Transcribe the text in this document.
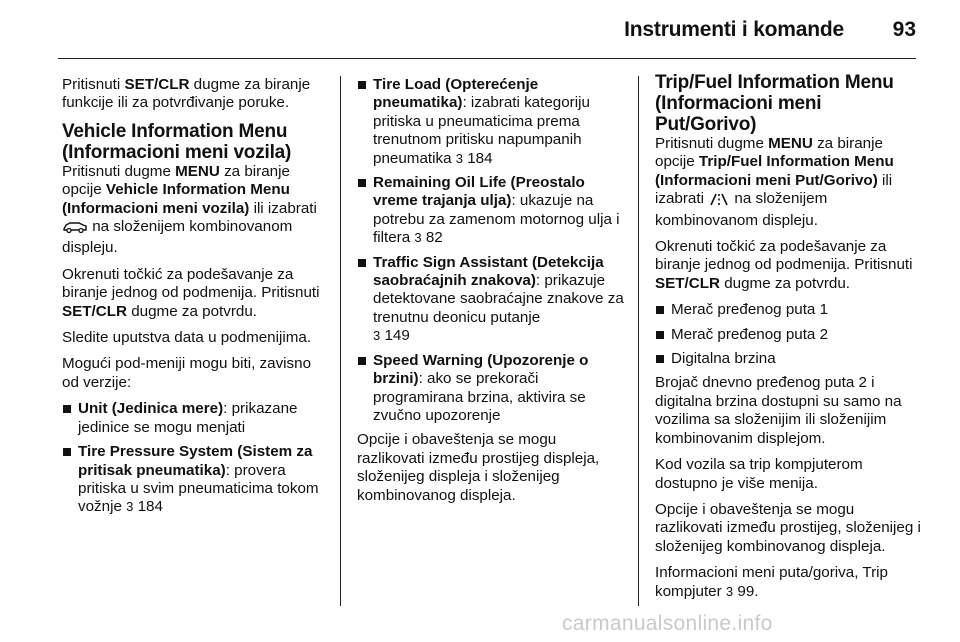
Instrumenti i komande 93

Pritisnuti SET/CLR dugme za biranje funkcije ili za potvrđivanje poruke.

Vehicle Information Menu
(Informacioni meni vozila)

Pritisnuti dugme MENU za biranje opcije Vehicle Information Menu (Informacioni meni vozila) ili izabrati  na složenijem kombinovanom displeju.

Okrenuti točkić za podešavanje za biranje jednog od podmenija. Pritisnuti SET/CLR dugme za potvrdu.

Sledite uputstva data u podmenijima.

Mogući pod-meniji mogu biti, zavisno od verzije:

Unit (Jedinica mere): prikazane jedinice se mogu menjati
Tire Pressure System (Sistem za pritisak pneumatika): provera pritiska u svim pneumaticima tokom vožnje 3 184
Tire Load (Opterećenje pneumatika): izabrati kategoriju pritiska u pneumaticima prema trenutnom pritisku napumpanih pneumatika 3 184
Remaining Oil Life (Preostalo vreme trajanja ulja): ukazuje na potrebu za zamenom motornog ulja i filtera 3 82
Traffic Sign Assistant (Detekcija saobraćajnih znakova): prikazuje detektovane saobraćajne znakove za trenutnu deonicu putanje
3 149
Speed Warning (Upozorenje o brzini): ako se prekorači programirana brzina, aktivira se zvučno upozorenje

Opcije i obaveštenja se mogu razlikovati između prostijeg displeja, složenijeg displeja i složenijeg kombinovanog displeja.

Trip/Fuel Information Menu
(Informacioni meni Put/Gorivo)

Pritisnuti dugme MENU za biranje opcije Trip/Fuel Information Menu (Informacioni meni Put/Gorivo) ili izabrati  na složenijem kombinovanom displeju.

Okrenuti točkić za podešavanje za biranje jednog od podmenija. Pritisnuti SET/CLR dugme za potvrdu.

Merač pređenog puta 1
Merač pređenog puta 2
Digitalna brzina

Brojač dnevno pređenog puta 2 i digitalna brzina dostupni su samo na vozilima sa složenijim ili složenijim kombinovanim displejom.

Kod vozila sa trip kompjuterom dostupno je više menija.

Opcije i obaveštenja se mogu razlikovati između prostijeg, složenijeg i složenijeg kombinovanog displeja.

Informacioni meni puta/goriva, Trip kompjuter 3 99.

carmanualsonline.info
